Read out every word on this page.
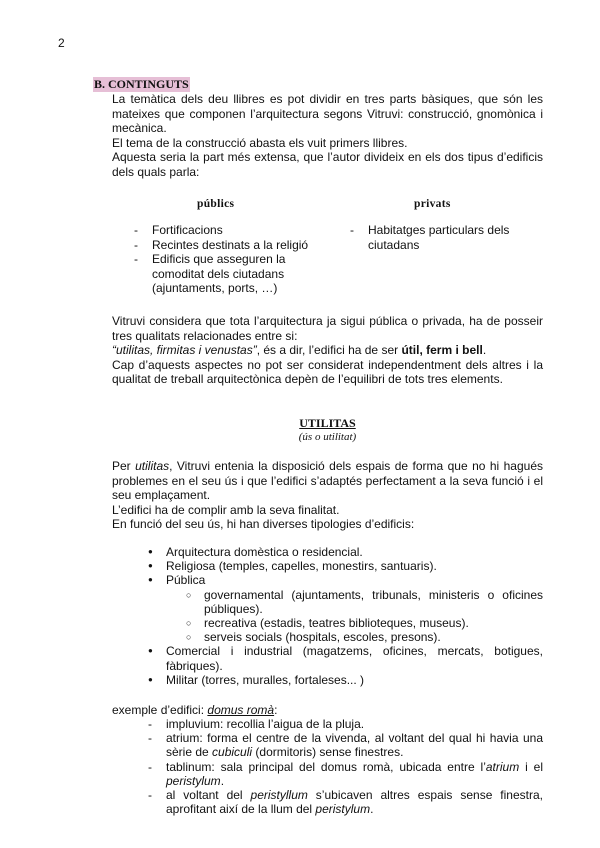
2
B. CONTINGUTS

La temàtica dels deu llibres es pot dividir en tres parts bàsiques, que són les mateixes que componen l’arquitectura segons Vitruvi: construcció, gnomònica i mecànica.

El tema de la construcció abasta els vuit primers llibres.

Aquesta seria la part més extensa, que l’autor divideix en els dos tipus d’edificis dels quals parla:

públics	privats
- Fortificacions
- Recintes destinats a la religió
- Edificis que asseguren la comoditat dels ciutadans (ajuntaments, ports, …)
- Habitatges particulars dels ciutadans

Vitruvi considera que tota l’arquitectura ja sigui pública o privada, ha de posseir tres qualitats relacionades entre si:

“utilitas, firmitas i venustas”, és a dir, l’edifici ha de ser útil, ferm i bell.

Cap d’aquests aspectes no pot ser considerat independentment dels altres i la qualitat de treball arquitectònica depèn de l’equilibri de tots tres elements.

UTILITAS
(ús o utilitat)

Per utilitas, Vitruvi entenia la disposició dels espais de forma que no hi hagués problemes en el seu ús i que l’edifici s’adaptés perfectament a la seva funció i el seu emplaçament.

L’edifici ha de complir amb la seva finalitat.

En funció del seu ús, hi han diverses tipologies d’edificis:

● Arquitectura domèstica o residencial.
● Religiosa (temples, capelles, monestirs, santuaris).
● Pública
○ governamental (ajuntaments, tribunals, ministeris o oficines públiques).
○ recreativa (estadis, teatres biblioteques, museus).
○ serveis socials (hospitals, escoles, presons).
● Comercial i industrial (magatzems, oficines, mercats, botigues, fàbriques).
● Militar (torres, muralles, fortaleses... )
exemple d’edifici: domus romà:
- impluvium: recollia l’aigua de la pluja.
- atrium: forma el centre de la vivenda, al voltant del qual hi havia una sèrie de cubiculi (dormitoris) sense finestres.
- tablinum: sala principal del domus romà, ubicada entre l’atrium i el peristylum.
- al voltant del peristyllum s’ubicaven altres espais sense finestra, aprofitant així de la llum del peristylum.
